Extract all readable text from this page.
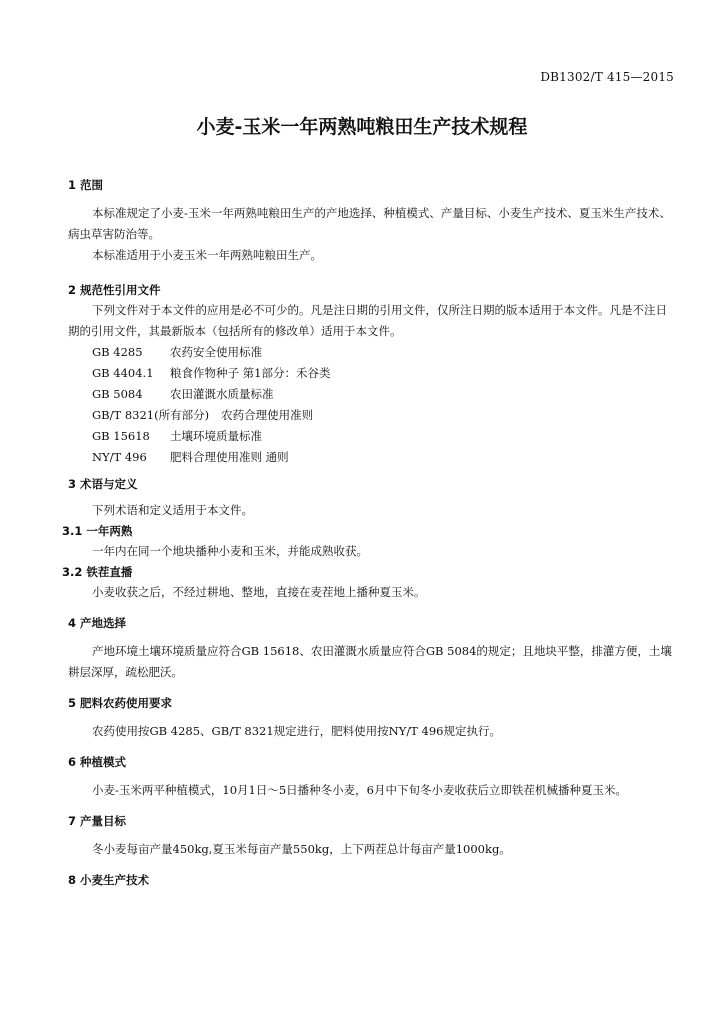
DB1302/T 415—2015
小麦-玉米一年两熟吨粮田生产技术规程
1 范围
本标准规定了小麦-玉米一年两熟吨粮田生产的产地选择、种植模式、产量目标、小麦生产技术、夏玉米生产技术、病虫草害防治等。
本标准适用于小麦玉米一年两熟吨粮田生产。
2 规范性引用文件
下列文件对于本文件的应用是必不可少的。凡是注日期的引用文件，仅所注日期的版本适用于本文件。凡是不注日期的引用文件，其最新版本（包括所有的修改单）适用于本文件。
GB 4285 农药安全使用标准
GB 4404.1 粮食作物种子 第1部分：禾谷类
GB 5084 农田灌溉水质量标准
GB/T 8321(所有部分) 农药合理使用准则
GB 15618 土壤环境质量标准
NY/T 496 肥料合理使用准则 通则
3 术语与定义
下列术语和定义适用于本文件。
3.1 一年两熟
一年内在同一个地块播种小麦和玉米，并能成熟收获。
3.2 铁茬直播
小麦收获之后，不经过耕地、整地，直接在麦茬地上播种夏玉米。
4 产地选择
产地环境土壤环境质量应符合GB 15618、农田灌溉水质量应符合GB 5084的规定；且地块平整，排灌方便，土壤耕层深厚，疏松肥沃。
5 肥料农药使用要求
农药使用按GB 4285、GB/T 8321规定进行，肥料使用按NY/T 496规定执行。
6 种植模式
小麦-玉米两平种植模式，10月1日～5日播种冬小麦，6月中下旬冬小麦收获后立即铁茬机械播种夏玉米。
7 产量目标
冬小麦每亩产量450kg,夏玉米每亩产量550kg，上下两茬总计每亩产量1000kg。
8 小麦生产技术
